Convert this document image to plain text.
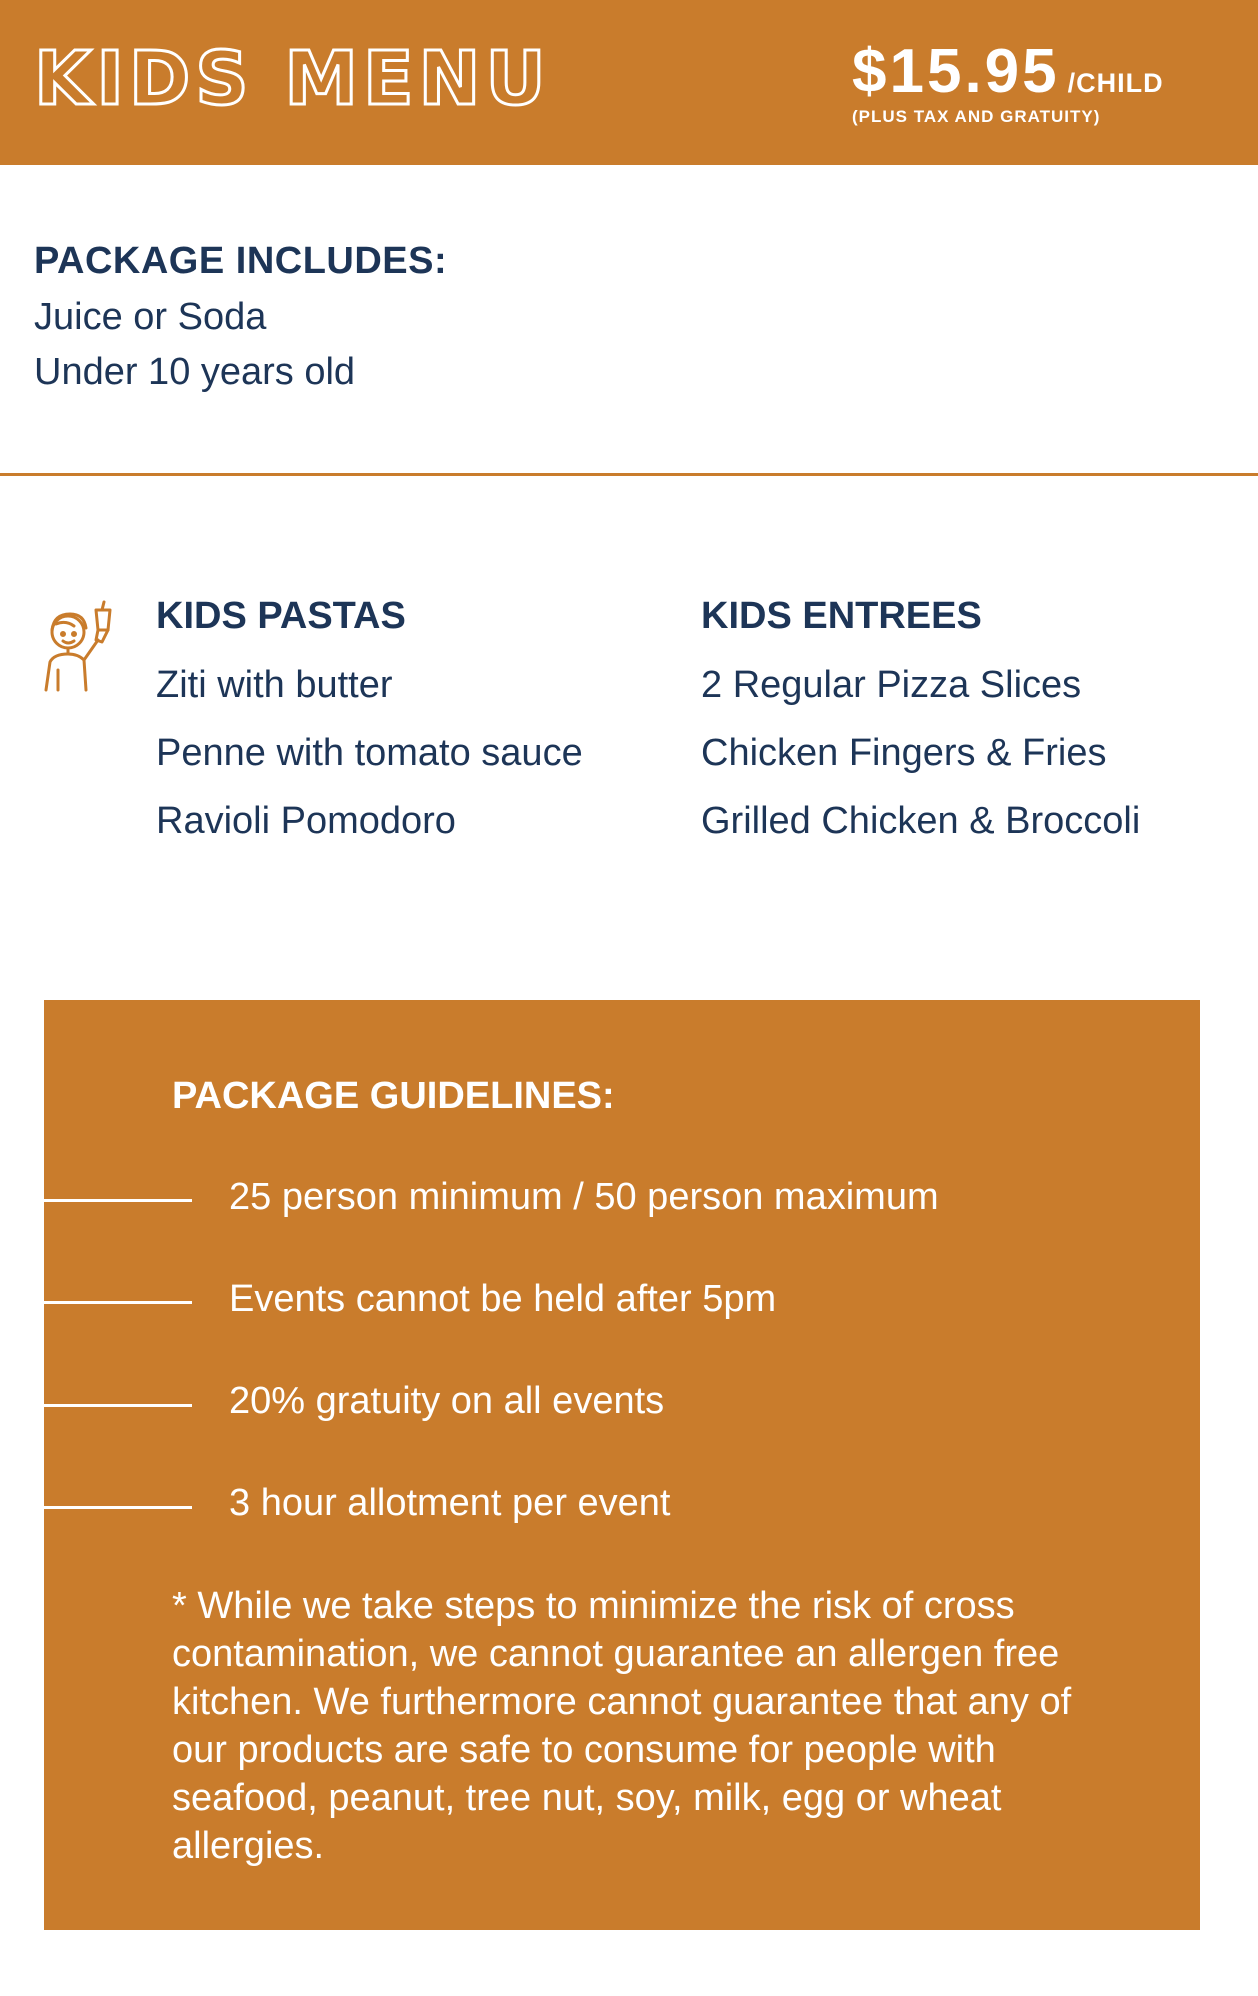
KIDS MENU	$15.95 /CHILD
(PLUS TAX AND GRATUITY)
PACKAGE INCLUDES:
Juice or Soda
Under 10 years old
KIDS PASTAS
Ziti with butter
Penne with tomato sauce
Ravioli Pomodoro
KIDS ENTREES
2 Regular Pizza Slices
Chicken Fingers & Fries
Grilled Chicken & Broccoli
PACKAGE GUIDELINES:
25 person minimum / 50 person maximum
Events cannot be held after 5pm
20% gratuity on all events
3 hour allotment per event
* While we take steps to minimize the risk of cross contamination, we cannot guarantee an allergen free kitchen. We furthermore cannot guarantee that any of our products are safe to consume for people with seafood, peanut, tree nut, soy, milk, egg or wheat allergies.
